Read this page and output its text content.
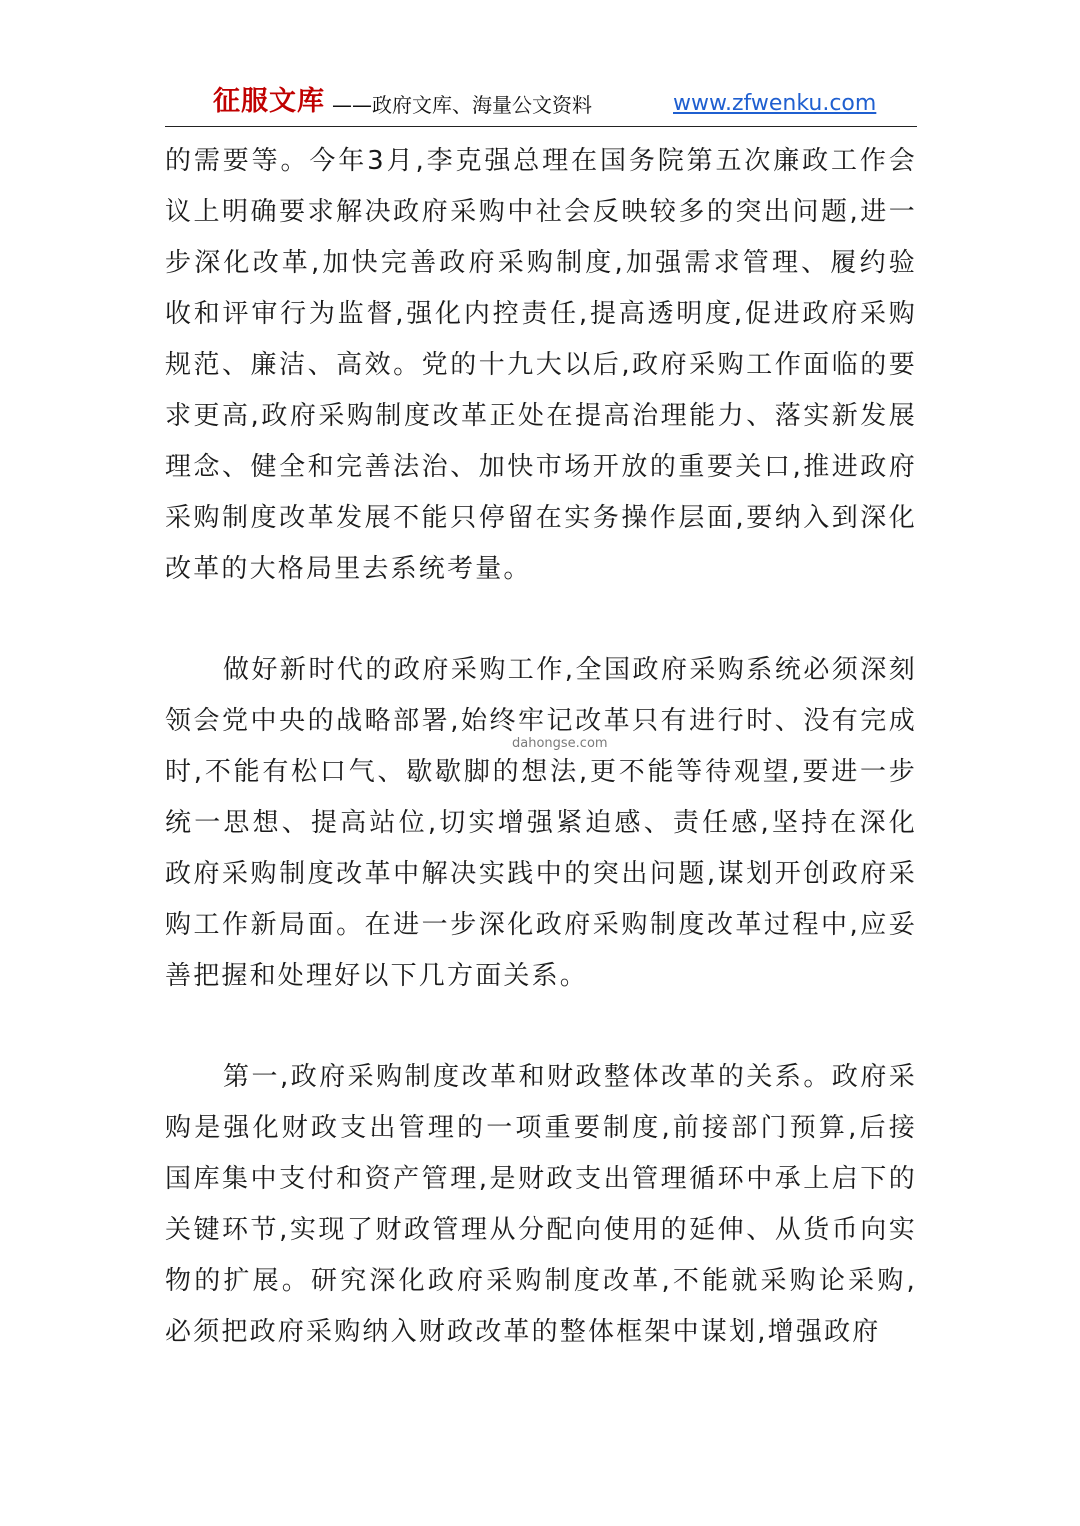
征服文库 ——政府文库、海量公文资料	www.zfwenku.com

的需要等。今年3月,李克强总理在国务院第五次廉政工作会议上明确要求解决政府采购中社会反映较多的突出问题,进一步深化改革,加快完善政府采购制度,加强需求管理、履约验收和评审行为监督,强化内控责任,提高透明度,促进政府采购规范、廉洁、高效。党的十九大以后,政府采购工作面临的要求更高,政府采购制度改革正处在提高治理能力、落实新发展理念、健全和完善法治、加快市场开放的重要关口,推进政府采购制度改革发展不能只停留在实务操作层面,要纳入到深化改革的大格局里去系统考量。

做好新时代的政府采购工作,全国政府采购系统必须深刻领会党中央的战略部署,始终牢记改革只有进行时、没有完成时,不能有松口气、歇歇脚的想法,更不能等待观望,要进一步统一思想、提高站位,切实增强紧迫感、责任感,坚持在深化政府采购制度改革中解决实践中的突出问题,谋划开创政府采购工作新局面。在进一步深化政府采购制度改革过程中,应妥善把握和处理好以下几方面关系。

第一,政府采购制度改革和财政整体改革的关系。政府采购是强化财政支出管理的一项重要制度,前接部门预算,后接国库集中支付和资产管理,是财政支出管理循环中承上启下的关键环节,实现了财政管理从分配向使用的延伸、从货币向实物的扩展。研究深化政府采购制度改革,不能就采购论采购,必须把政府采购纳入财政改革的整体框架中谋划,增强政府

dahongse.com
